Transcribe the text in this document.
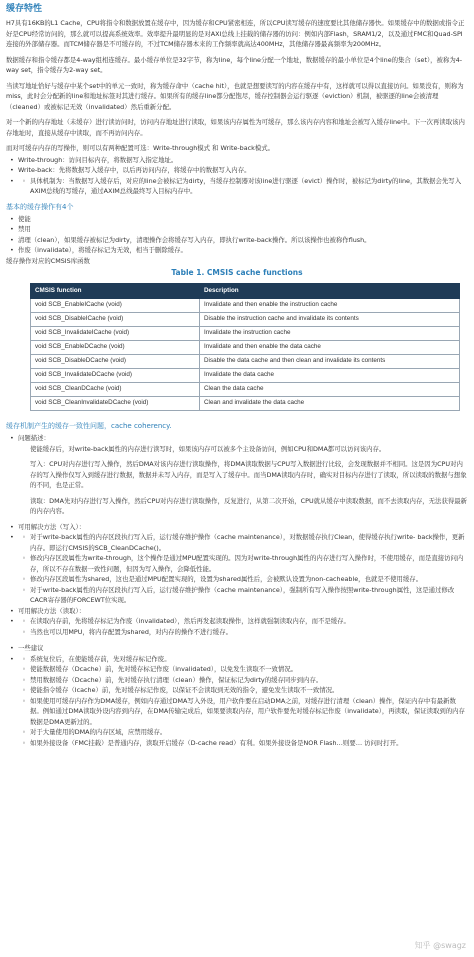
缓存特性

H7具有16KB的L1 Cache，CPU将指令和数据放置在缓存中，因为缓存和CPU紧密相连，所以CPU读写缓存的速度要比其他储存器快。如果缓存中的数据或指令正好是CPU经常访问的，那么就可以提高系统效率。效率提升最明显的是对AXI总线上挂载的储存器的访问：例如内部Flash，SRAM1/2，以及通过FMC和Quad-SPI连接的外部储存器。而TCM储存器是不可缓存的，不过TCM储存器本来的工作频率就高达400MHz，其他储存器最高频率为200MHz。

数据缓存和指令缓存都是4-way组相连缓存。最小缓存单位是32字节，称为line，每个line分配一个地址，数据缓存的最小单位是4个line的集合（set），被称为4-way set，指令缓存为2-way set。

当读写地址恰好与缓存中某个set中的单元一致时，称为缓存命中（cache hit），也就是想要读写的内容在缓存中有，这样就可以得以直接访问。如果没有，则称为miss，此时会分配新的line和地址标签对其进行缓存。如果所有的缓存line都分配饱尽，缓存控制器会运行驱逐（eviction）机制，被驱逐的line会被清理（cleaned）或被标记无效（invalidated）然后重新分配。

对一个新的内存地址（未缓存）进行读访问时，访问内存地址进行读取，如果该内存属性为可缓存，那么该内存内容和地址会被写入缓存line中。下一次再读取该内存地址时，直接从缓存中读取，而不再访问内存。

而对可缓存内存的写操作，则可以有两种配置可选：Write-through模式 和 Write-back模式。

• Write-through：访问目标内存，将数据写入指定地址。
• Write-back：先将数据写入缓存中，以后再访问内存，将缓存中的数据写入内存。
◦ • 具体机制为：当数据写入缓存后，对应的line会被标记为dirty，当缓存控制器对该line进行驱逐（evict）操作时，被标记为dirty的line，其数据会先写入AXIM总线的写缓存，通过AXIM总线最终写入目标内存中。
基本的缓存操作有4个
• 使能
• 禁用
• 清理（clean），如果缓存被标记为dirty，清理操作会将缓存写入内存，即执行write-back操作。所以该操作也被称作flush。
• 作废（invalidate），将缓存标记为无效，相当于删除缓存。
缓存操作对应的CMSIS库函数
Table 1. CMSIS cache functions
CMSIS function	Description
void SCB_EnableICache (void)	Invalidate and then enable the instruction cache
void SCB_DisableICache (void)	Disable the instruction cache and invalidate its contents
void SCB_InvalidateICache (void)	Invalidate the instruction cache
void SCB_EnableDCache (void)	Invalidate and then enable the data cache
void SCB_DisableDCache (void)	Disable the data cache and then clean and invalidate its contents
void SCB_InvalidateDCache (void)	Invalidate the data cache
void SCB_CleanDCache (void)	Clean the data cache
void SCB_CleanInvalidateDCache (void)	Clean and invalidate the data cache
缓存机制产生的缓存一致性问题，cache coherency.
• 问题描述：

使能缓存后，对write-back属性的内存进行读写时，如果该内存可以被多个主设备访问，例如CPU和DMA都可以访问该内存。

写入：CPU对内存进行写入操作，然后DMA对该内存进行读取操作，将DMA读取数据与CPU写入数据进行比较，会发现数据并不相同。这是因为CPU对内存的写入操作仅写入到缓存进行数据，数据并未写入内存，而是写入了缓存中。而当DMA读取内存时，确实对目标内存进行了读取，所以读取的数据与想象的不同，也是正常。

读取：DMA先对内存进行写入操作，然后CPU对内存进行读取操作，反复进行，从第二次开始，CPU就从缓存中读取数据，而不去读取内存，无法获得最新的内存内容。

• 可用解决方法（写入）：
◦ • 对于write-back属性的内存区段执行写入后，运行缓存维护操作（cache maintenance），对数据缓存执行Clean，使得缓存执行write- back操作，更新内存。即运行CMSIS的SCB_CleanDCache()。
◦ 修改内存区段属性为write-through，这个操作是通过MPU配置实现的。因为对write-through属性的内存进行写入操作时，不使用缓存，而是直接访问内存，所以不存在数据一致性问题，但因为写入操作，会降低性能。
◦ 修改内存区段属性为shared，这也是通过MPU配置实现的，设置为shared属性后，会被默认设置为non-cacheable，也就是不使用缓存。
◦ 对于write-back属性的内存区段执行写入后，运行缓存维护操作（cache maintenance），强制所有写入操作按照write-through属性，这是通过修改CACR寄存器的FORCEWT位实现。
• 可用解决方法（读取）：
◦ • 在读取内存前，先将缓存标记为作废（invalidated），然后再发起读取操作，这样就强制读取内存，而不是缓存。
◦ 当然也可以用MPU，将内存配置为shared，对内存的操作不进行缓存。
• 一些建议
◦ • 系统复位后，在使能缓存前，先对缓存标记作废。
◦ 使能数据缓存（Dcache）前，先对缓存标记作废（invalidated），以免发生读取不一致情况。
◦ 禁用数据缓存（Dcache）前，先对缓存执行清理（clean）操作，保证标记为dirty的缓存同步到内存。
◦ 使能指令缓存（Icache）前，先对缓存标记作废，以保证不会读取到无效的指令，避免发生读取不一致情况。
◦ 如果使用可缓存内存作为DMA缓存，例如内存通过DMA写入外设，用户软件要在启动DMA之前，对缓存进行清理（clean）操作，保证内存中有最新数据。例如通过DMA读取外设内容到内存，在DMA传输完成后，如果要读取内存，用户软件要先对缓存标记作废（invalidate），再读取，保证读取到的内存数据是DMA更新过的。
◦ 对于大量使用的DMA的内存区域，应禁用缓存。
◦ 如果外接设备（FMC挂载）是普通内存，读取开启缓存（D-cache read）有利。如果外接设备是NOR Flash…则要… 访问时打开。
知乎 @swagz
